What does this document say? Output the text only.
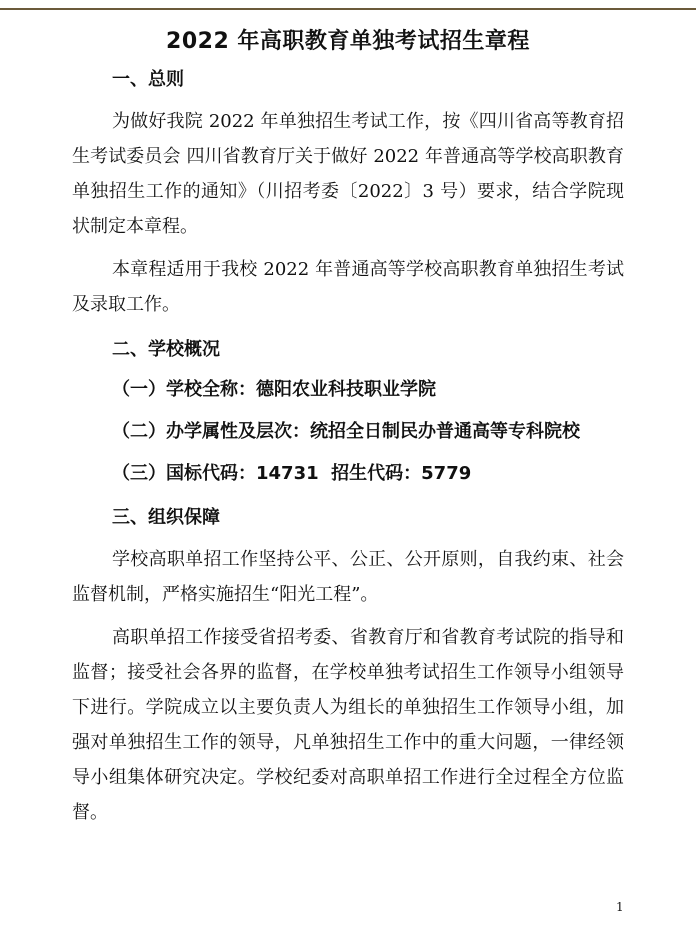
2022 年高职教育单独考试招生章程
一、总则

为做好我院 2022 年单独招生考试工作，按《四川省高等教育招生考试委员会 四川省教育厅关于做好 2022 年普通高等学校高职教育单独招生工作的通知》（川招考委〔2022〕3 号）要求，结合学院现状制定本章程。

本章程适用于我校 2022 年普通高等学校高职教育单独招生考试及录取工作。

二、学校概况
（一）学校全称：德阳农业科技职业学院
（二）办学属性及层次：统招全日制民办普通高等专科院校
（三）国标代码：14731  招生代码：5779
三、组织保障

学校高职单招工作坚持公平、公正、公开原则，自我约束、社会监督机制，严格实施招生“阳光工程”。

高职单招工作接受省招考委、省教育厅和省教育考试院的指导和监督；接受社会各界的监督，在学校单独考试招生工作领导小组领导下进行。学院成立以主要负责人为组长的单独招生工作领导小组，加强对单独招生工作的领导，凡单独招生工作中的重大问题，一律经领导小组集体研究决定。学校纪委对高职单招工作进行全过程全方位监督。

1
